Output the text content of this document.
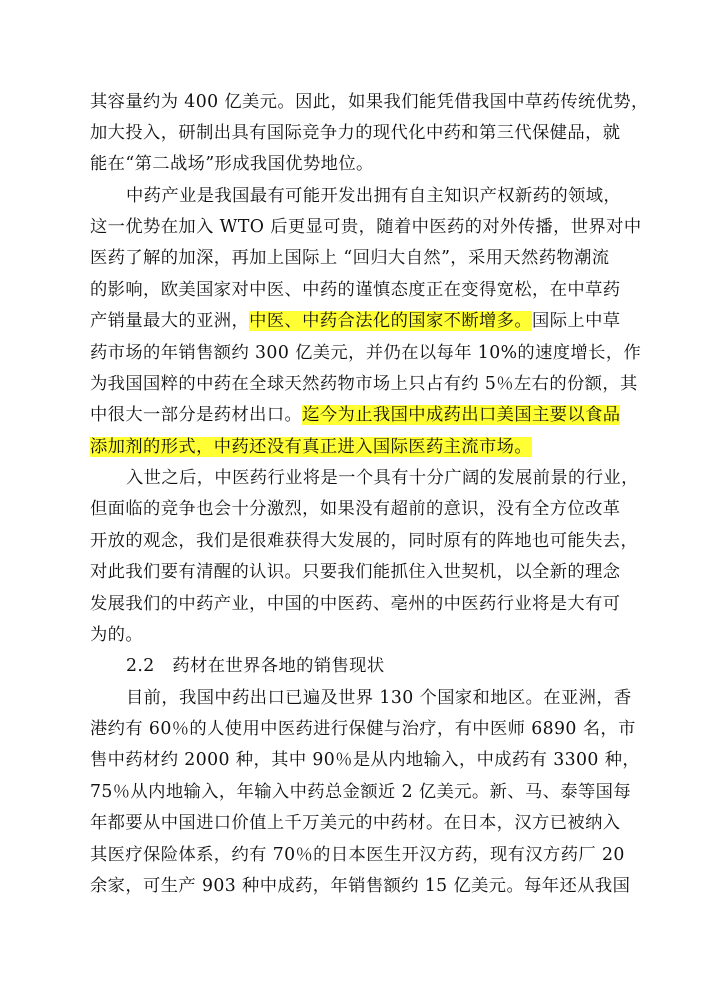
其容量约为 400 亿美元。因此，如果我们能凭借我国中草药传统优势，
加大投入，研制出具有国际竞争力的现代化中药和第三代保健品，就
能在“第二战场”形成我国优势地位。
中药产业是我国最有可能开发出拥有自主知识产权新药的领域，
这一优势在加入 WTO 后更显可贵，随着中医药的对外传播，世界对中
医药了解的加深，再加上国际上 “回归大自然”，采用天然药物潮流
的影响，欧美国家对中医、中药的谨慎态度正在变得宽松，在中草药
产销量最大的亚洲，中医、中药合法化的国家不断增多。国际上中草
药市场的年销售额约 300 亿美元，并仍在以每年 10%的速度增长，作
为我国国粹的中药在全球天然药物市场上只占有约 5％左右的份额，其
中很大一部分是药材出口。迄今为止我国中成药出口美国主要以食品
添加剂的形式，中药还没有真正进入国际医药主流市场。
入世之后，中医药行业将是一个具有十分广阔的发展前景的行业，
但面临的竞争也会十分激烈，如果没有超前的意识，没有全方位改革
开放的观念，我们是很难获得大发展的，同时原有的阵地也可能失去，
对此我们要有清醒的认识。只要我们能抓住入世契机，以全新的理念
发展我们的中药产业，中国的中医药、亳州的中医药行业将是大有可
为的。
2.2　药材在世界各地的销售现状
目前，我国中药出口已遍及世界 130 个国家和地区。在亚洲，香
港约有 60％的人使用中医药进行保健与治疗，有中医师 6890 名，市
售中药材约 2000 种，其中 90％是从内地输入，中成药有 3300 种，
75％从内地输入，年输入中药总金额近 2 亿美元。新、马、泰等国每
年都要从中国进口价值上千万美元的中药材。在日本，汉方已被纳入
其医疗保险体系，约有 70％的日本医生开汉方药，现有汉方药厂 20
余家，可生产 903 种中成药，年销售额约 15 亿美元。每年还从我国
